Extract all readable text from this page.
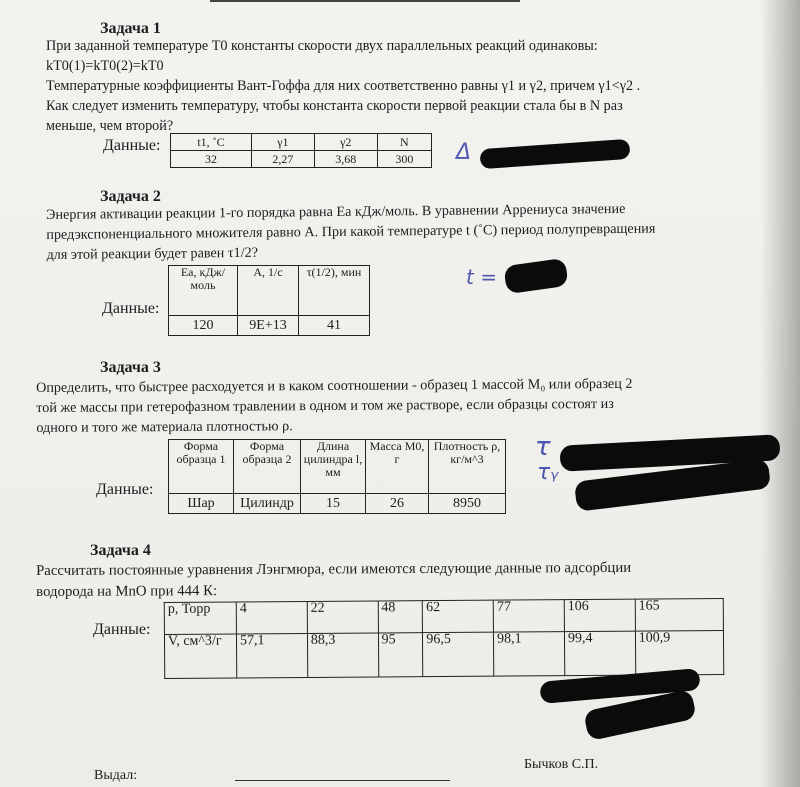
Задача 1
При заданной температуре Т0 константы скорости двух параллельных реакций одинаковы:
kT0(1)=kT0(2)=kT0
Температурные коэффициенты Вант-Гоффа для них соответственно равны γ1 и γ2, причем γ1<γ2 .
Как следует изменить температуру, чтобы константа скорости первой реакции стала бы в N раз
меньше, чем второй?
Данные:	t1, ˚C	γ1	γ2	N
32	2,27	3,68	300 Δ
Задача 2
Энергия активации реакции 1-го порядка равна Еа кДж/моль. В уравнении Аррениуса значение
предэкспоненциального множителя равно А. При какой температуре t (˚С) период полупревращения
для этой реакции будет равен τ1/2?
Данные:
Ea, кДж/моль	A, 1/c	τ(1/2), мин
120	9E+13	41
t =
Задача 3
Определить, что быстрее расходуется и в каком соотношении - образец 1 массой M₀ или образец 2
той же массы при гетерофазном травлении в одном и том же растворе, если образцы состоят из
одного и того же материала плотностью ρ.
Данные:
Форма образца 1	Форма образца 2	Длина цилиндра l, мм	Масса М0, г	Плотность ρ, кг/м^3
Шар	Цилиндр	15	26	8950
τ
τᵧ
Задача 4
Рассчитать постоянные уравнения Лэнгмюра, если имеются следующие данные по адсорбции
водорода на MnO при 444 К:
Данные:
p, Торр	4	22	48	62	77	106	165
V, см^3/г	57,1	88,3	95	96,5	98,1	99,4	100,9
Выдал:
Бычков С.П.
